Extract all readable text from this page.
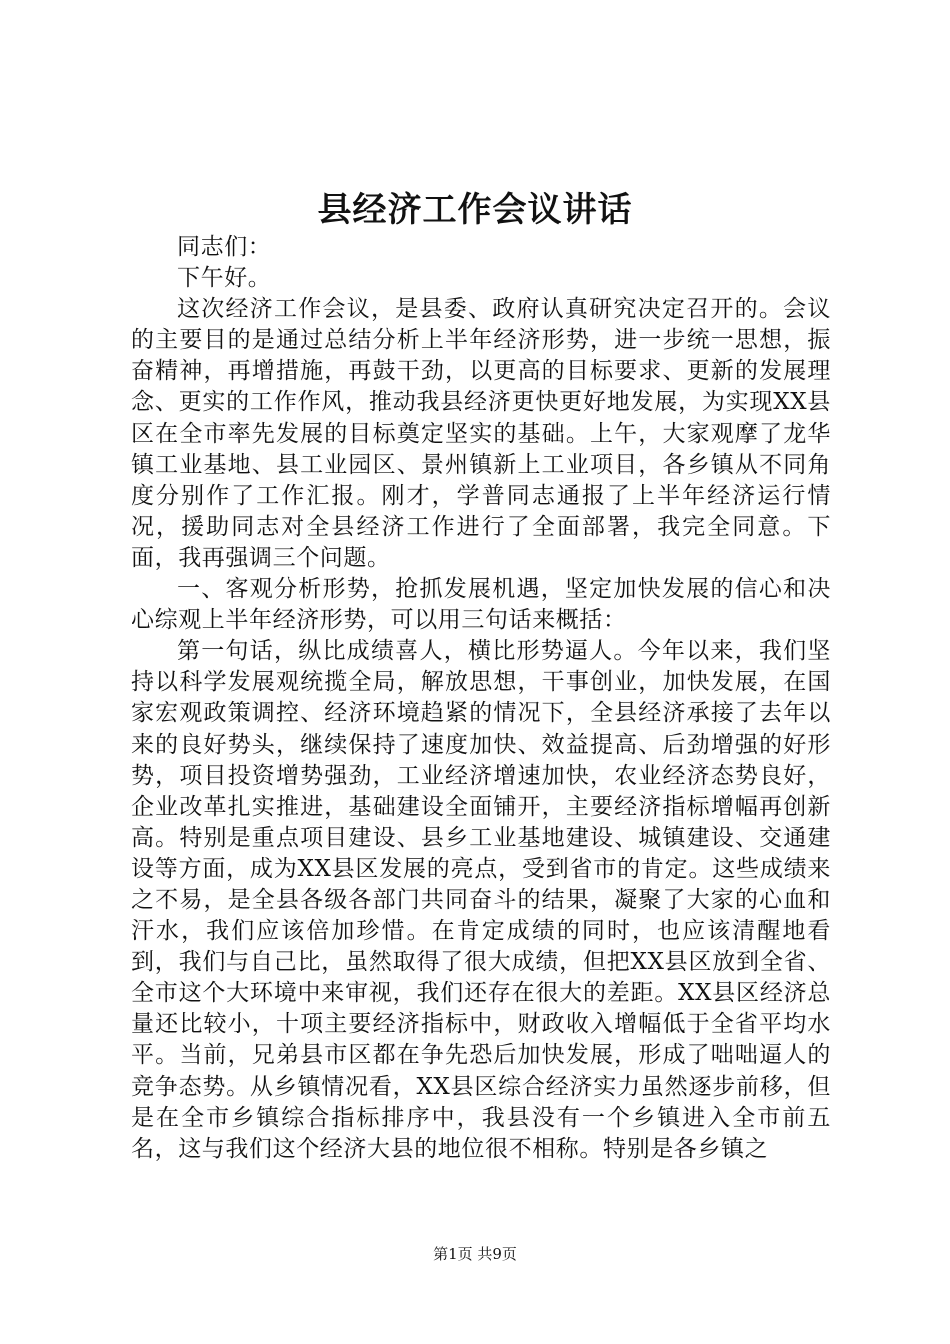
县经济工作会议讲话

同志们：

下午好。

这次经济工作会议，是县委、政府认真研究决定召开的。会议的主要目的是通过总结分析上半年经济形势，进一步统一思想，振奋精神，再增措施，再鼓干劲，以更高的目标要求、更新的发展理念、更实的工作作风，推动我县经济更快更好地发展，为实现XX县区在全市率先发展的目标奠定坚实的基础。上午，大家观摩了龙华镇工业基地、县工业园区、景州镇新上工业项目，各乡镇从不同角度分别作了工作汇报。刚才，学普同志通报了上半年经济运行情况，援助同志对全县经济工作进行了全面部署，我完全同意。下面，我再强调三个问题。

一、客观分析形势，抢抓发展机遇，坚定加快发展的信心和决心综观上半年经济形势，可以用三句话来概括：

第一句话，纵比成绩喜人，横比形势逼人。今年以来，我们坚持以科学发展观统揽全局，解放思想，干事创业，加快发展，在国家宏观政策调控、经济环境趋紧的情况下，全县经济承接了去年以来的良好势头，继续保持了速度加快、效益提高、后劲增强的好形势，项目投资增势强劲，工业经济增速加快，农业经济态势良好，企业改革扎实推进，基础建设全面铺开，主要经济指标增幅再创新高。特别是重点项目建设、县乡工业基地建设、城镇建设、交通建设等方面，成为XX县区发展的亮点，受到省市的肯定。这些成绩来之不易，是全县各级各部门共同奋斗的结果，凝聚了大家的心血和汗水，我们应该倍加珍惜。在肯定成绩的同时，也应该清醒地看到，我们与自己比，虽然取得了很大成绩，但把XX县区放到全省、全市这个大环境中来审视，我们还存在很大的差距。XX县区经济总量还比较小，十项主要经济指标中，财政收入增幅低于全省平均水平。当前，兄弟县市区都在争先恐后加快发展，形成了咄咄逼人的竞争态势。从乡镇情况看，XX县区综合经济实力虽然逐步前移，但是在全市乡镇综合指标排序中，我县没有一个乡镇进入全市前五名，这与我们这个经济大县的地位很不相称。特别是各乡镇之

第1页 共9页
